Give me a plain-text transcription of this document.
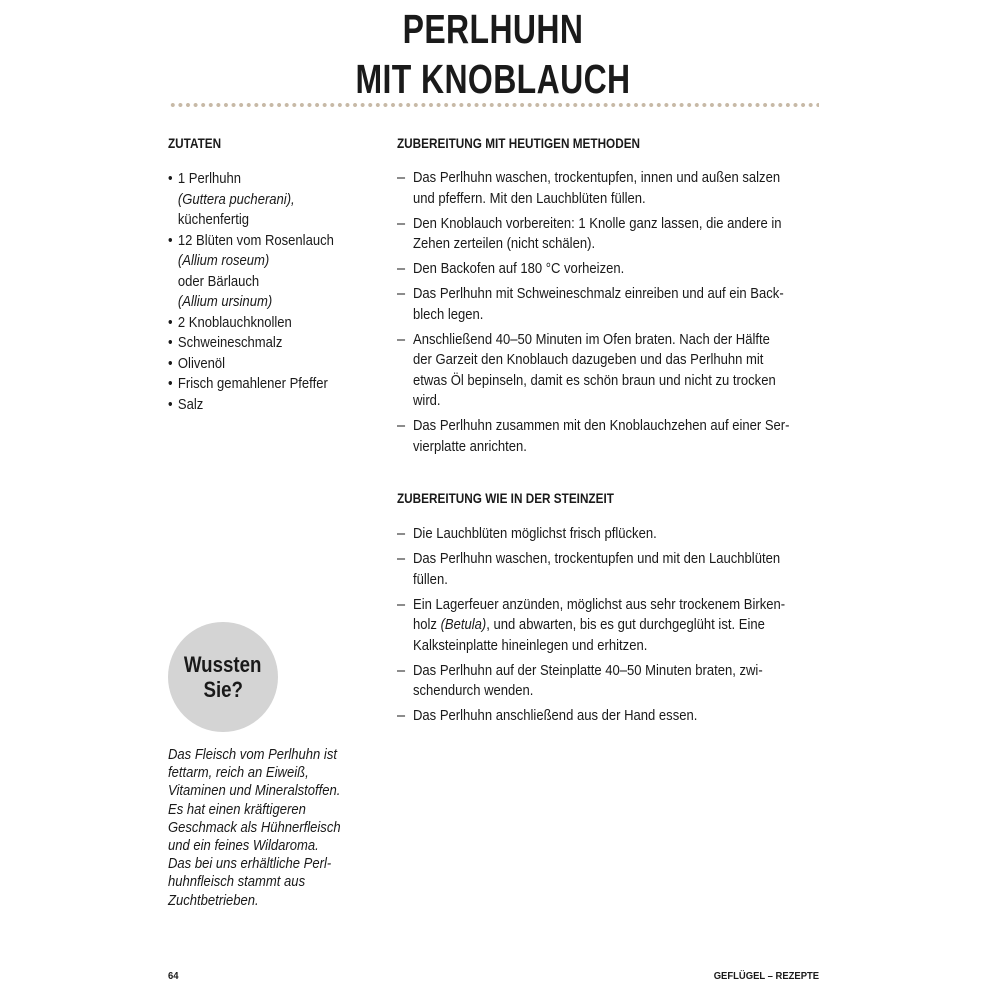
PERLHUHN
MIT KNOBLAUCH
ZUTATEN
• 1 Perlhuhn
(Guttera pucherani),
küchenfertig
• 12 Blüten vom Rosenlauch
(Allium roseum)
oder Bärlauch
(Allium ursinum)
• 2 Knoblauchknollen
• Schweineschmalz
• Olivenöl
• Frisch gemahlener Pfeffer
• Salz
ZUBEREITUNG MIT HEUTIGEN METHODEN
– Das Perlhuhn waschen, trockentupfen, innen und außen salzen
und pfeffern. Mit den Lauchblüten füllen.
– Den Knoblauch vorbereiten: 1 Knolle ganz lassen, die andere in
Zehen zerteilen (nicht schälen).
– Den Backofen auf 180 °C vorheizen.
– Das Perlhuhn mit Schweineschmalz einreiben und auf ein Back-
blech legen.
– Anschließend 40–50 Minuten im Ofen braten. Nach der Hälfte
der Garzeit den Knoblauch dazugeben und das Perlhuhn mit
etwas Öl bepinseln, damit es schön braun und nicht zu trocken
wird.
– Das Perlhuhn zusammen mit den Knoblauchzehen auf einer Ser-
vierplatte anrichten.
ZUBEREITUNG WIE IN DER STEINZEIT
– Die Lauchblüten möglichst frisch pflücken.
– Das Perlhuhn waschen, trockentupfen und mit den Lauchblüten
füllen.
– Ein Lagerfeuer anzünden, möglichst aus sehr trockenem Birken-
holz (Betula), und abwarten, bis es gut durchgeglüht ist. Eine
Kalksteinplatte hineinlegen und erhitzen.
– Das Perlhuhn auf der Steinplatte 40–50 Minuten braten, zwi-
schendurch wenden.
– Das Perlhuhn anschließend aus der Hand essen.
Wussten
Sie?
Das Fleisch vom Perlhuhn ist
fettarm, reich an Eiweiß,
Vitaminen und Mineralstoffen.
Es hat einen kräftigeren
Geschmack als Hühnerfleisch
und ein feines Wildaroma.
Das bei uns erhältliche Perl-
huhnfleisch stammt aus
Zuchtbetrieben.
64	GEFLÜGEL – REZEPTE
